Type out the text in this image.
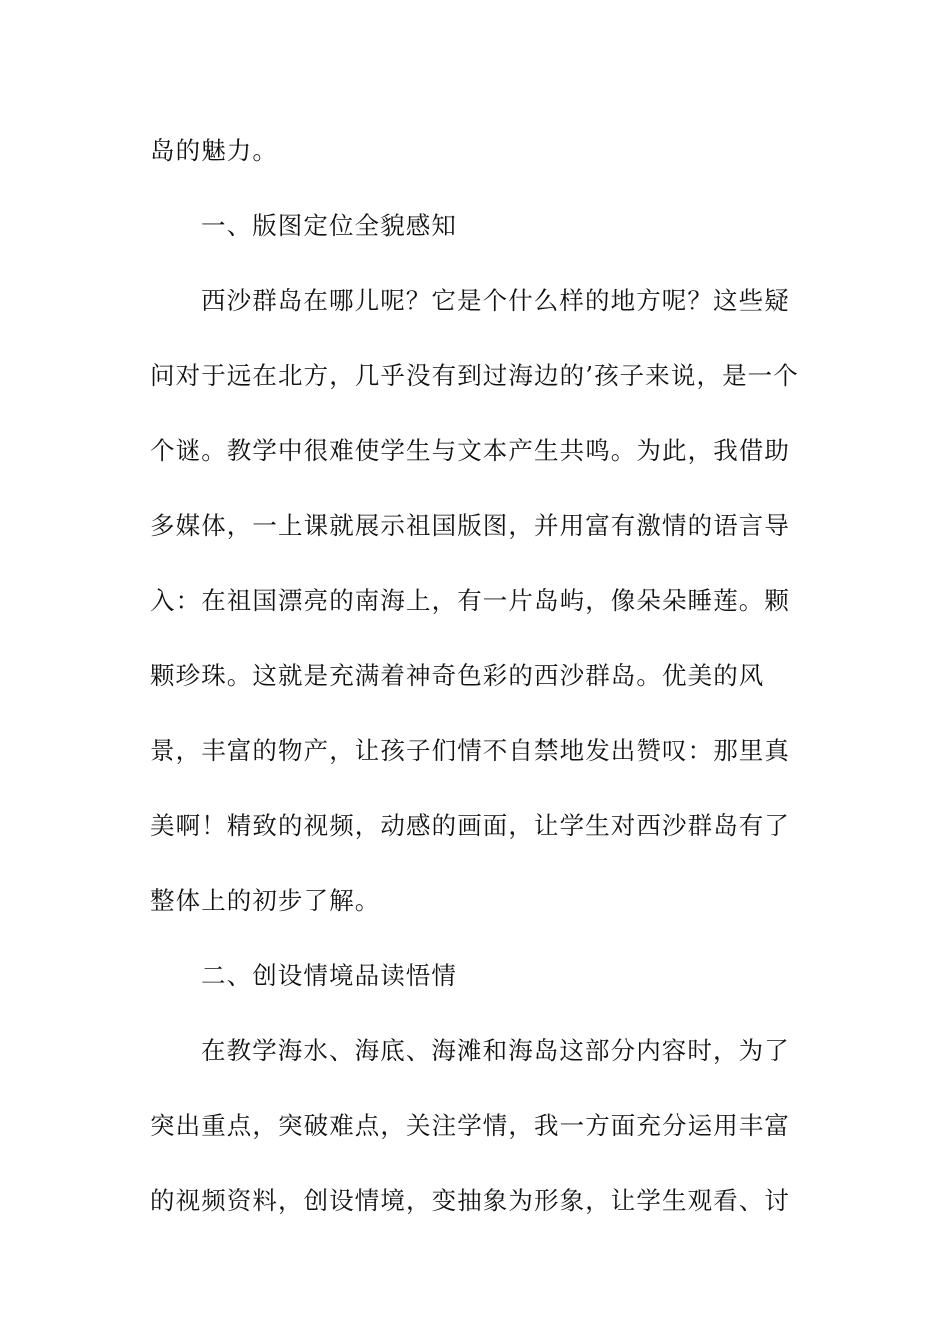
岛的魅力。
一、版图定位全貌感知
西沙群岛在哪儿呢？它是个什么样的地方呢？这些疑
问对于远在北方，几乎没有到过海边的’孩子来说，是一个
个谜。教学中很难使学生与文本产生共鸣。为此，我借助
多媒体，一上课就展示祖国版图，并用富有激情的语言导
入：在祖国漂亮的南海上，有一片岛屿，像朵朵睡莲。颗
颗珍珠。这就是充满着神奇色彩的西沙群岛。优美的风
景，丰富的物产，让孩子们情不自禁地发出赞叹：那里真
美啊！精致的视频，动感的画面，让学生对西沙群岛有了
整体上的初步了解。
二、创设情境品读悟情
在教学海水、海底、海滩和海岛这部分内容时，为了
突出重点，突破难点，关注学情，我一方面充分运用丰富
的视频资料，创设情境，变抽象为形象，让学生观看、讨
